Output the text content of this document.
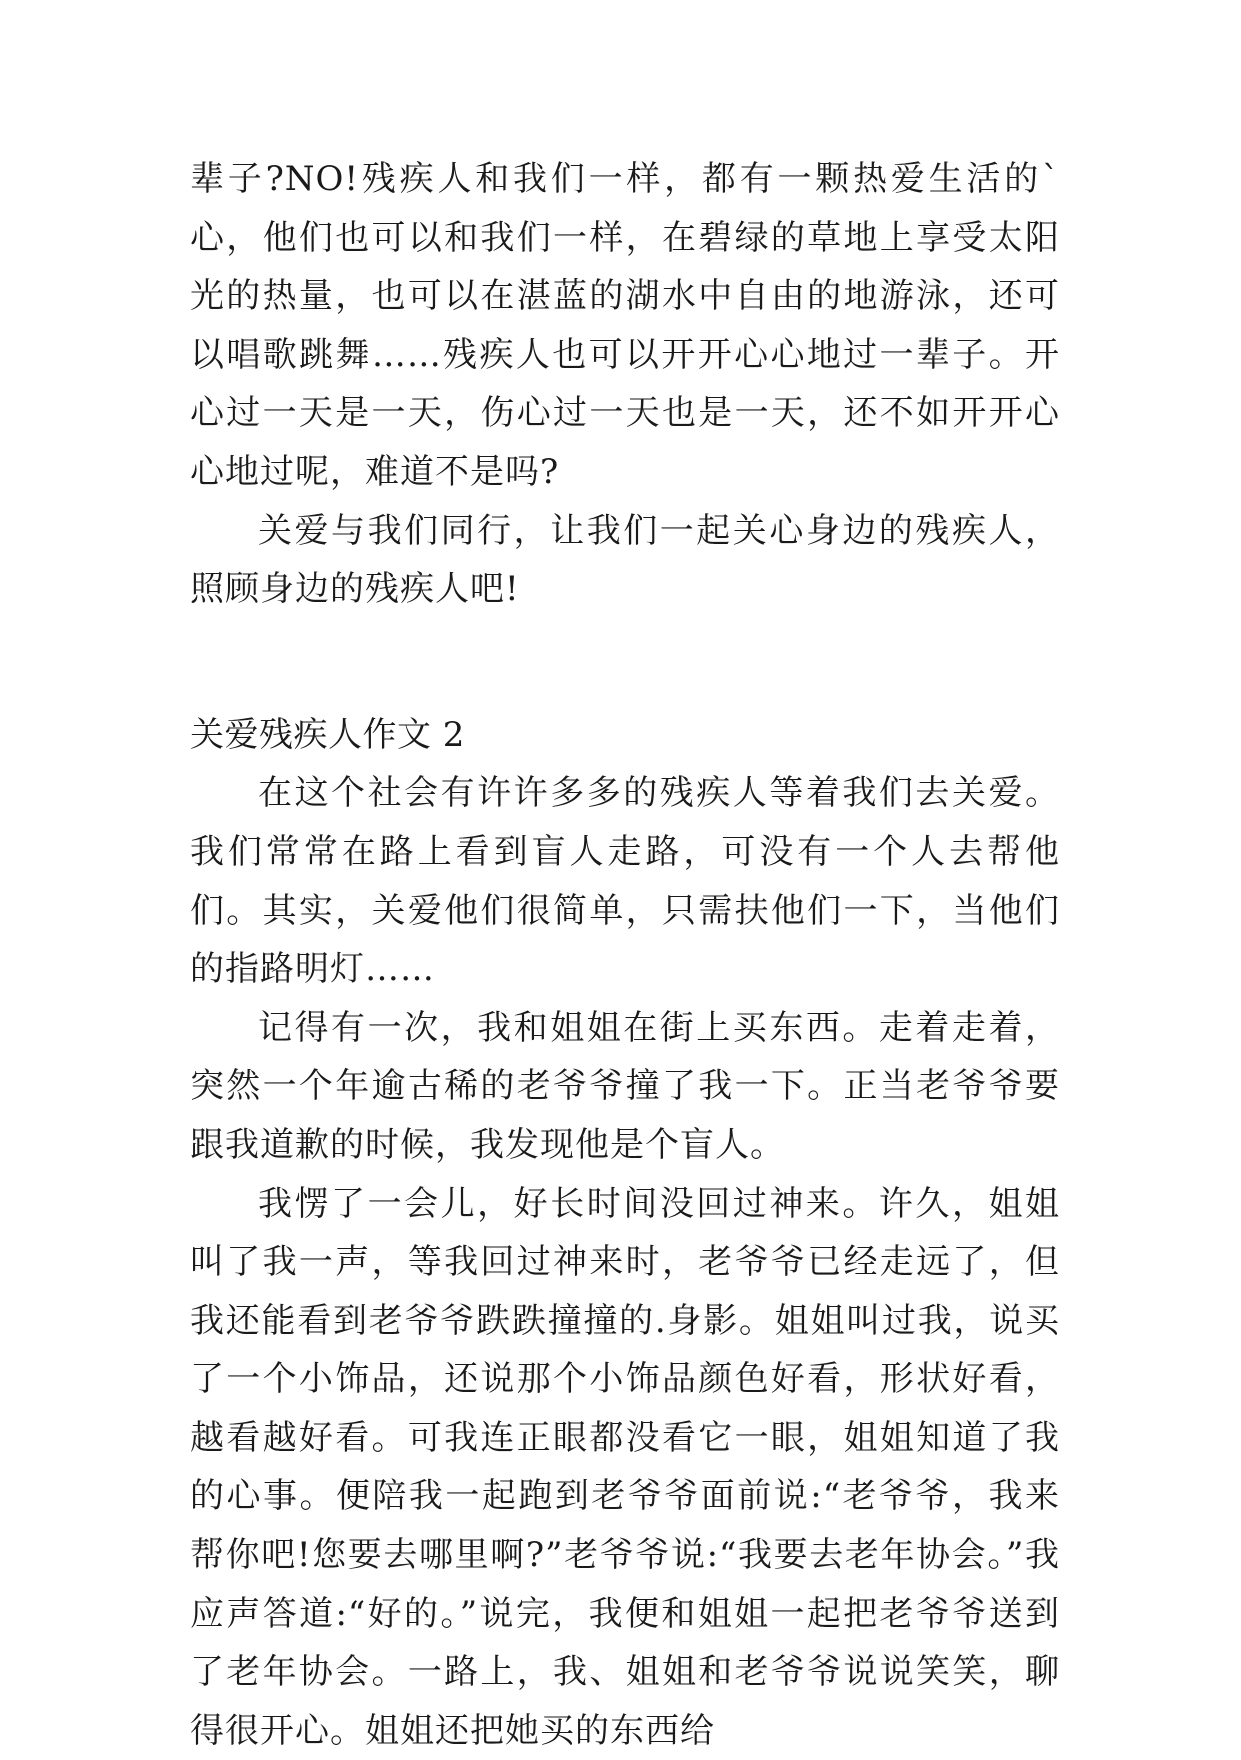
辈子?NO!残疾人和我们一样，都有一颗热爱生活的`心，他们也可以和我们一样，在碧绿的草地上享受太阳光的热量，也可以在湛蓝的湖水中自由的地游泳，还可以唱歌跳舞……残疾人也可以开开心心地过一辈子。开心过一天是一天，伤心过一天也是一天，还不如开开心心地过呢，难道不是吗?

关爱与我们同行，让我们一起关心身边的残疾人，照顾身边的残疾人吧!

关爱残疾人作文 2

在这个社会有许许多多的残疾人等着我们去关爱。我们常常在路上看到盲人走路，可没有一个人去帮他们。其实，关爱他们很简单，只需扶他们一下，当他们的指路明灯……

记得有一次，我和姐姐在街上买东西。走着走着，突然一个年逾古稀的老爷爷撞了我一下。正当老爷爷要跟我道歉的时候，我发现他是个盲人。

我愣了一会儿，好长时间没回过神来。许久，姐姐叫了我一声，等我回过神来时，老爷爷已经走远了，但我还能看到老爷爷跌跌撞撞的.身影。姐姐叫过我，说买了一个小饰品，还说那个小饰品颜色好看，形状好看，越看越好看。可我连正眼都没看它一眼，姐姐知道了我的心事。便陪我一起跑到老爷爷面前说:“老爷爷，我来帮你吧!您要去哪里啊?”老爷爷说:“我要去老年协会。”我应声答道:“好的。”说完，我便和姐姐一起把老爷爷送到了老年协会。一路上，我、姐姐和老爷爷说说笑笑，聊得很开心。姐姐还把她买的东西给
